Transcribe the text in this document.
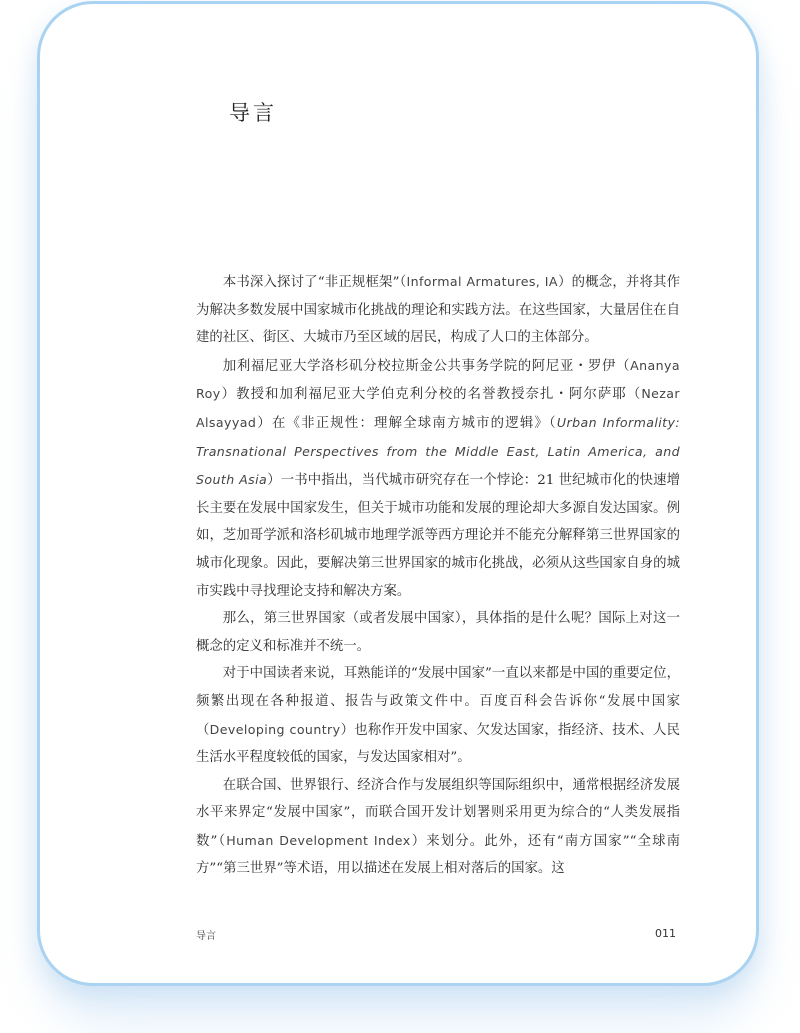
导言

本书深入探讨了“非正规框架”（Informal Armatures, IA）的概念，并将其作为解决多数发展中国家城市化挑战的理论和实践方法。在这些国家，大量居住在自建的社区、街区、大城市乃至区域的居民，构成了人口的主体部分。

加利福尼亚大学洛杉矶分校拉斯金公共事务学院的阿尼亚・罗伊（Ananya Roy）教授和加利福尼亚大学伯克利分校的名誉教授奈扎・阿尔萨耶（Nezar Alsayyad）在《非正规性：理解全球南方城市的逻辑》（Urban Informality: Transnational Perspectives from the Middle East, Latin America, and South Asia）一书中指出，当代城市研究存在一个悖论：21 世纪城市化的快速增长主要在发展中国家发生，但关于城市功能和发展的理论却大多源自发达国家。例如，芝加哥学派和洛杉矶城市地理学派等西方理论并不能充分解释第三世界国家的城市化现象。因此，要解决第三世界国家的城市化挑战，必须从这些国家自身的城市实践中寻找理论支持和解决方案。

那么，第三世界国家（或者发展中国家），具体指的是什么呢？国际上对这一概念的定义和标准并不统一。

对于中国读者来说，耳熟能详的“发展中国家”一直以来都是中国的重要定位，频繁出现在各种报道、报告与政策文件中。百度百科会告诉你“发展中国家（Developing country）也称作开发中国家、欠发达国家，指经济、技术、人民生活水平程度较低的国家，与发达国家相对”。

在联合国、世界银行、经济合作与发展组织等国际组织中，通常根据经济发展水平来界定“发展中国家”，而联合国开发计划署则采用更为综合的“人类发展指数”（Human Development Index）来划分。此外，还有“南方国家”“全球南方”“第三世界”等术语，用以描述在发展上相对落后的国家。这

导言	011
